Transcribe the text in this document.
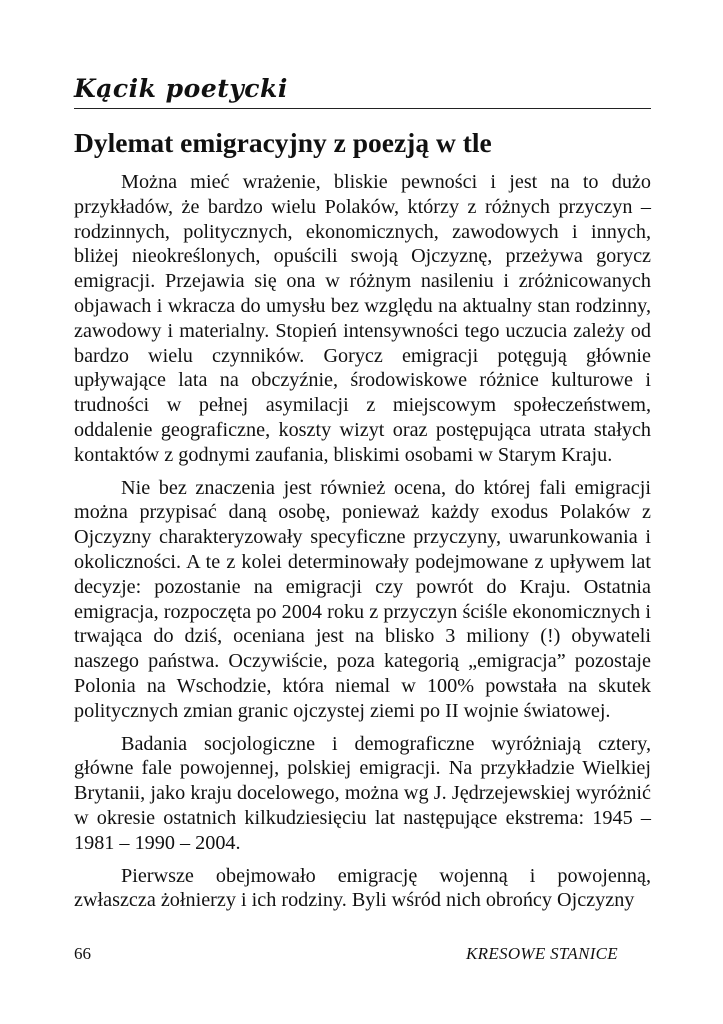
Kącik poetycki
Dylemat emigracyjny z poezją w tle

Można mieć wrażenie, bliskie pewności i jest na to dużo przykładów, że bardzo wielu Polaków, którzy z różnych przyczyn – rodzinnych, politycznych, ekonomicznych, zawodowych i innych, bliżej nieokreślonych, opuścili swoją Ojczyznę, przeżywa gorycz emigracji. Przejawia się ona w różnym nasileniu i zróżnicowanych objawach i wkracza do umysłu bez względu na aktualny stan rodzinny, zawodowy i materialny. Stopień intensywności tego uczucia zależy od bardzo wielu czynników. Gorycz emigracji potęgują głównie upływające lata na obczyźnie, środowiskowe różnice kulturowe i trudności w pełnej asymilacji z miejscowym społeczeństwem, oddalenie geograficzne, koszty wizyt oraz postępująca utrata stałych kontaktów z godnymi zaufania, bliskimi osobami w Starym Kraju.

Nie bez znaczenia jest również ocena, do której fali emigracji można przypisać daną osobę, ponieważ każdy exodus Polaków z Ojczyzny charakteryzowały specyficzne przyczyny, uwarunkowania i okoliczności. A te z kolei determinowały podejmowane z upływem lat decyzje: pozostanie na emigracji czy powrót do Kraju. Ostatnia emigracja, rozpoczęta po 2004 roku z przyczyn ściśle ekonomicznych i trwająca do dziś, oceniana jest na blisko 3 miliony (!) obywateli naszego państwa. Oczywiście, poza kategorią „emigracja” pozostaje Polonia na Wschodzie, która niemal w 100% powstała na skutek politycznych zmian granic ojczystej ziemi po II wojnie światowej.

Badania socjologiczne i demograficzne wyróżniają cztery, główne fale powojennej, polskiej emigracji. Na przykładzie Wielkiej Brytanii, jako kraju docelowego, można wg J. Jędrzejewskiej wyróżnić w okresie ostatnich kilkudziesięciu lat następujące ekstrema: 1945 – 1981 – 1990 – 2004.

Pierwsze obejmowało emigrację wojenną i powojenną, zwłaszcza żołnierzy i ich rodziny. Byli wśród nich obrońcy Ojczyzny

66	KRESOWE STANICE
